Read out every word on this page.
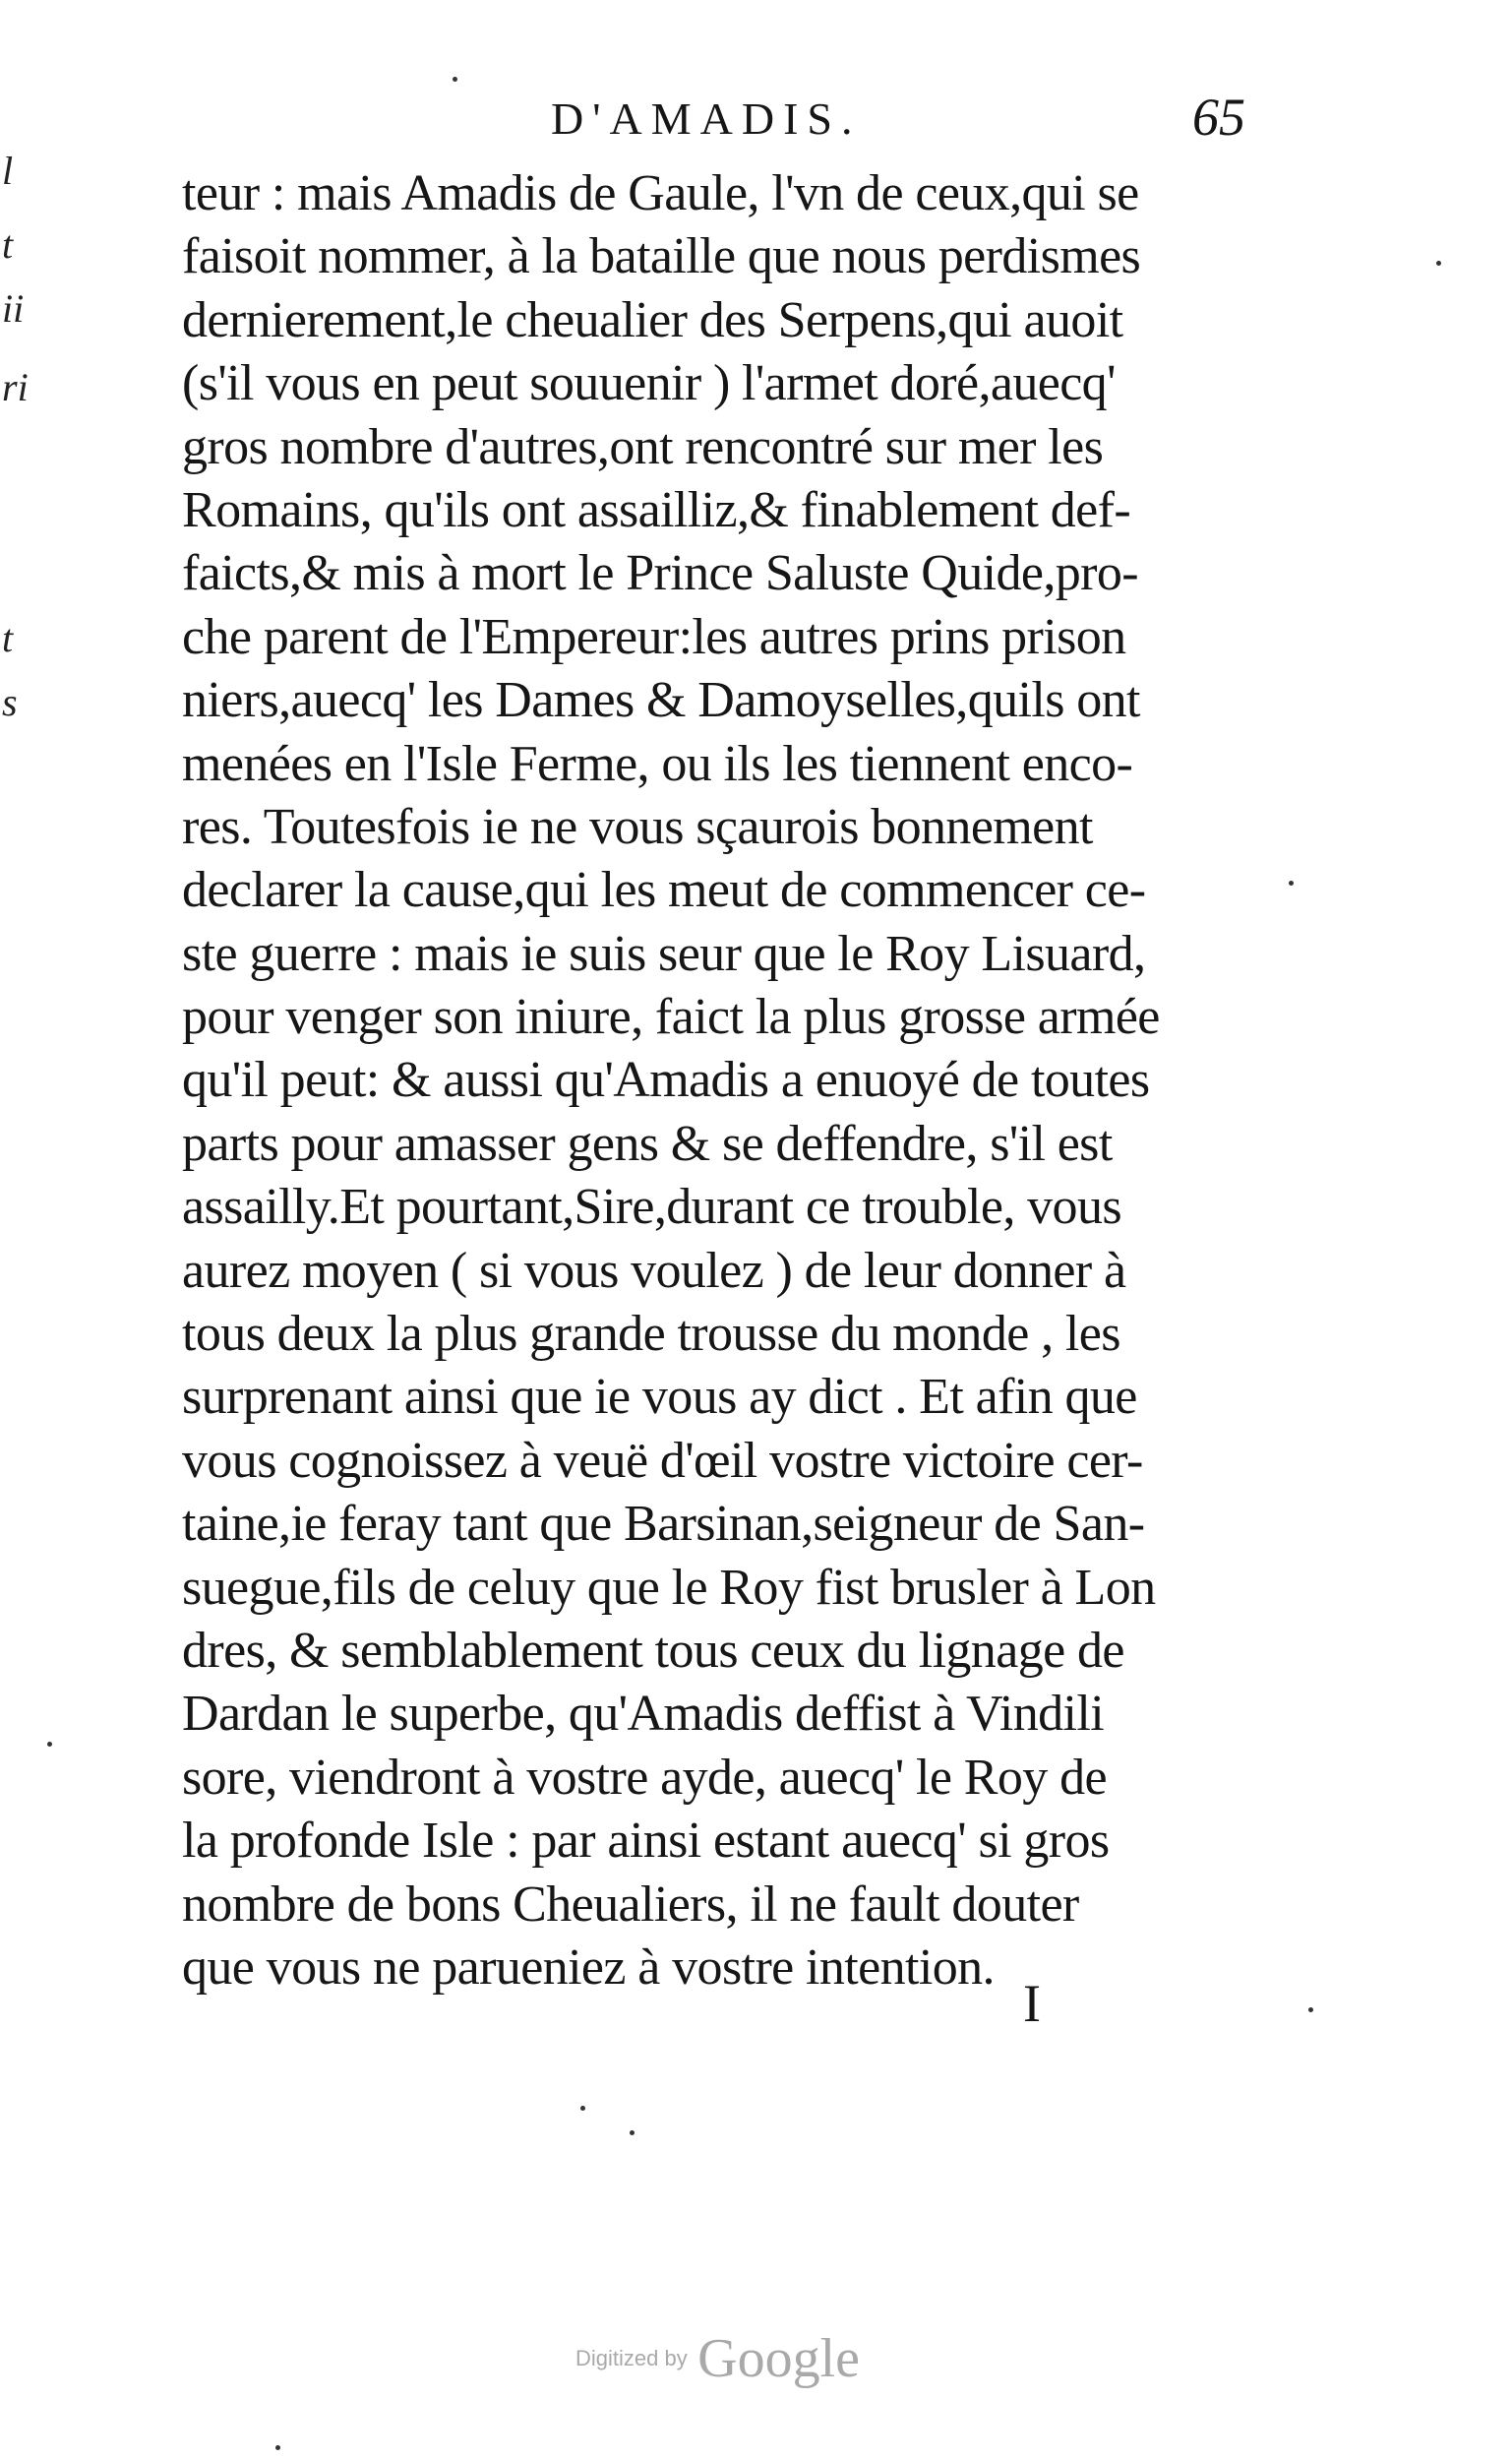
D'AMADIS.	65
teur : mais Amadis de Gaule, l'vn de ceux,qui se
faisoit nommer, à la bataille que nous perdismes
dernierement,le cheualier des Serpens,qui auoit
(s'il vous en peut souuenir ) l'armet doré,auecq'
gros nombre d'autres,ont rencontré sur mer les
Romains, qu'ils ont assailliz,& finablement def-
faicts,& mis à mort le Prince Saluste Quide,pro-
che parent de l'Empereur:les autres prins prison
niers,auecq' les Dames & Damoyselles,quils ont
menées en l'Isle Ferme, ou ils les tiennent enco-
res. Toutesfois ie ne vous sçaurois bonnement
declarer la cause,qui les meut de commencer ce-
ste guerre : mais ie suis seur que le Roy Lisuard,
pour venger son iniure, faict la plus grosse armée
qu'il peut: & aussi qu'Amadis a enuoyé de toutes
parts pour amasser gens & se deffendre, s'il est
assailly.Et pourtant,Sire,durant ce trouble, vous
aurez moyen ( si vous voulez ) de leur donner à
tous deux la plus grande trousse du monde , les
surprenant ainsi que ie vous ay dict . Et afin que
vous cognoissez à veuë d'œil vostre victoire cer-
taine,ie feray tant que Barsinan,seigneur de San-
suegue,fils de celuy que le Roy fist brusler à Lon
dres, & semblablement tous ceux du lignage de
Dardan le superbe, qu'Amadis deffist à Vindili
sore, viendront à vostre ayde, auecq' le Roy de
la profonde Isle : par ainsi estant auecq' si gros
nombre de bons Cheualiers, il ne fault douter
que vous ne paruеniez à vostre intention.
I
l
t
ii
ri
t
s
Digitized by Google
